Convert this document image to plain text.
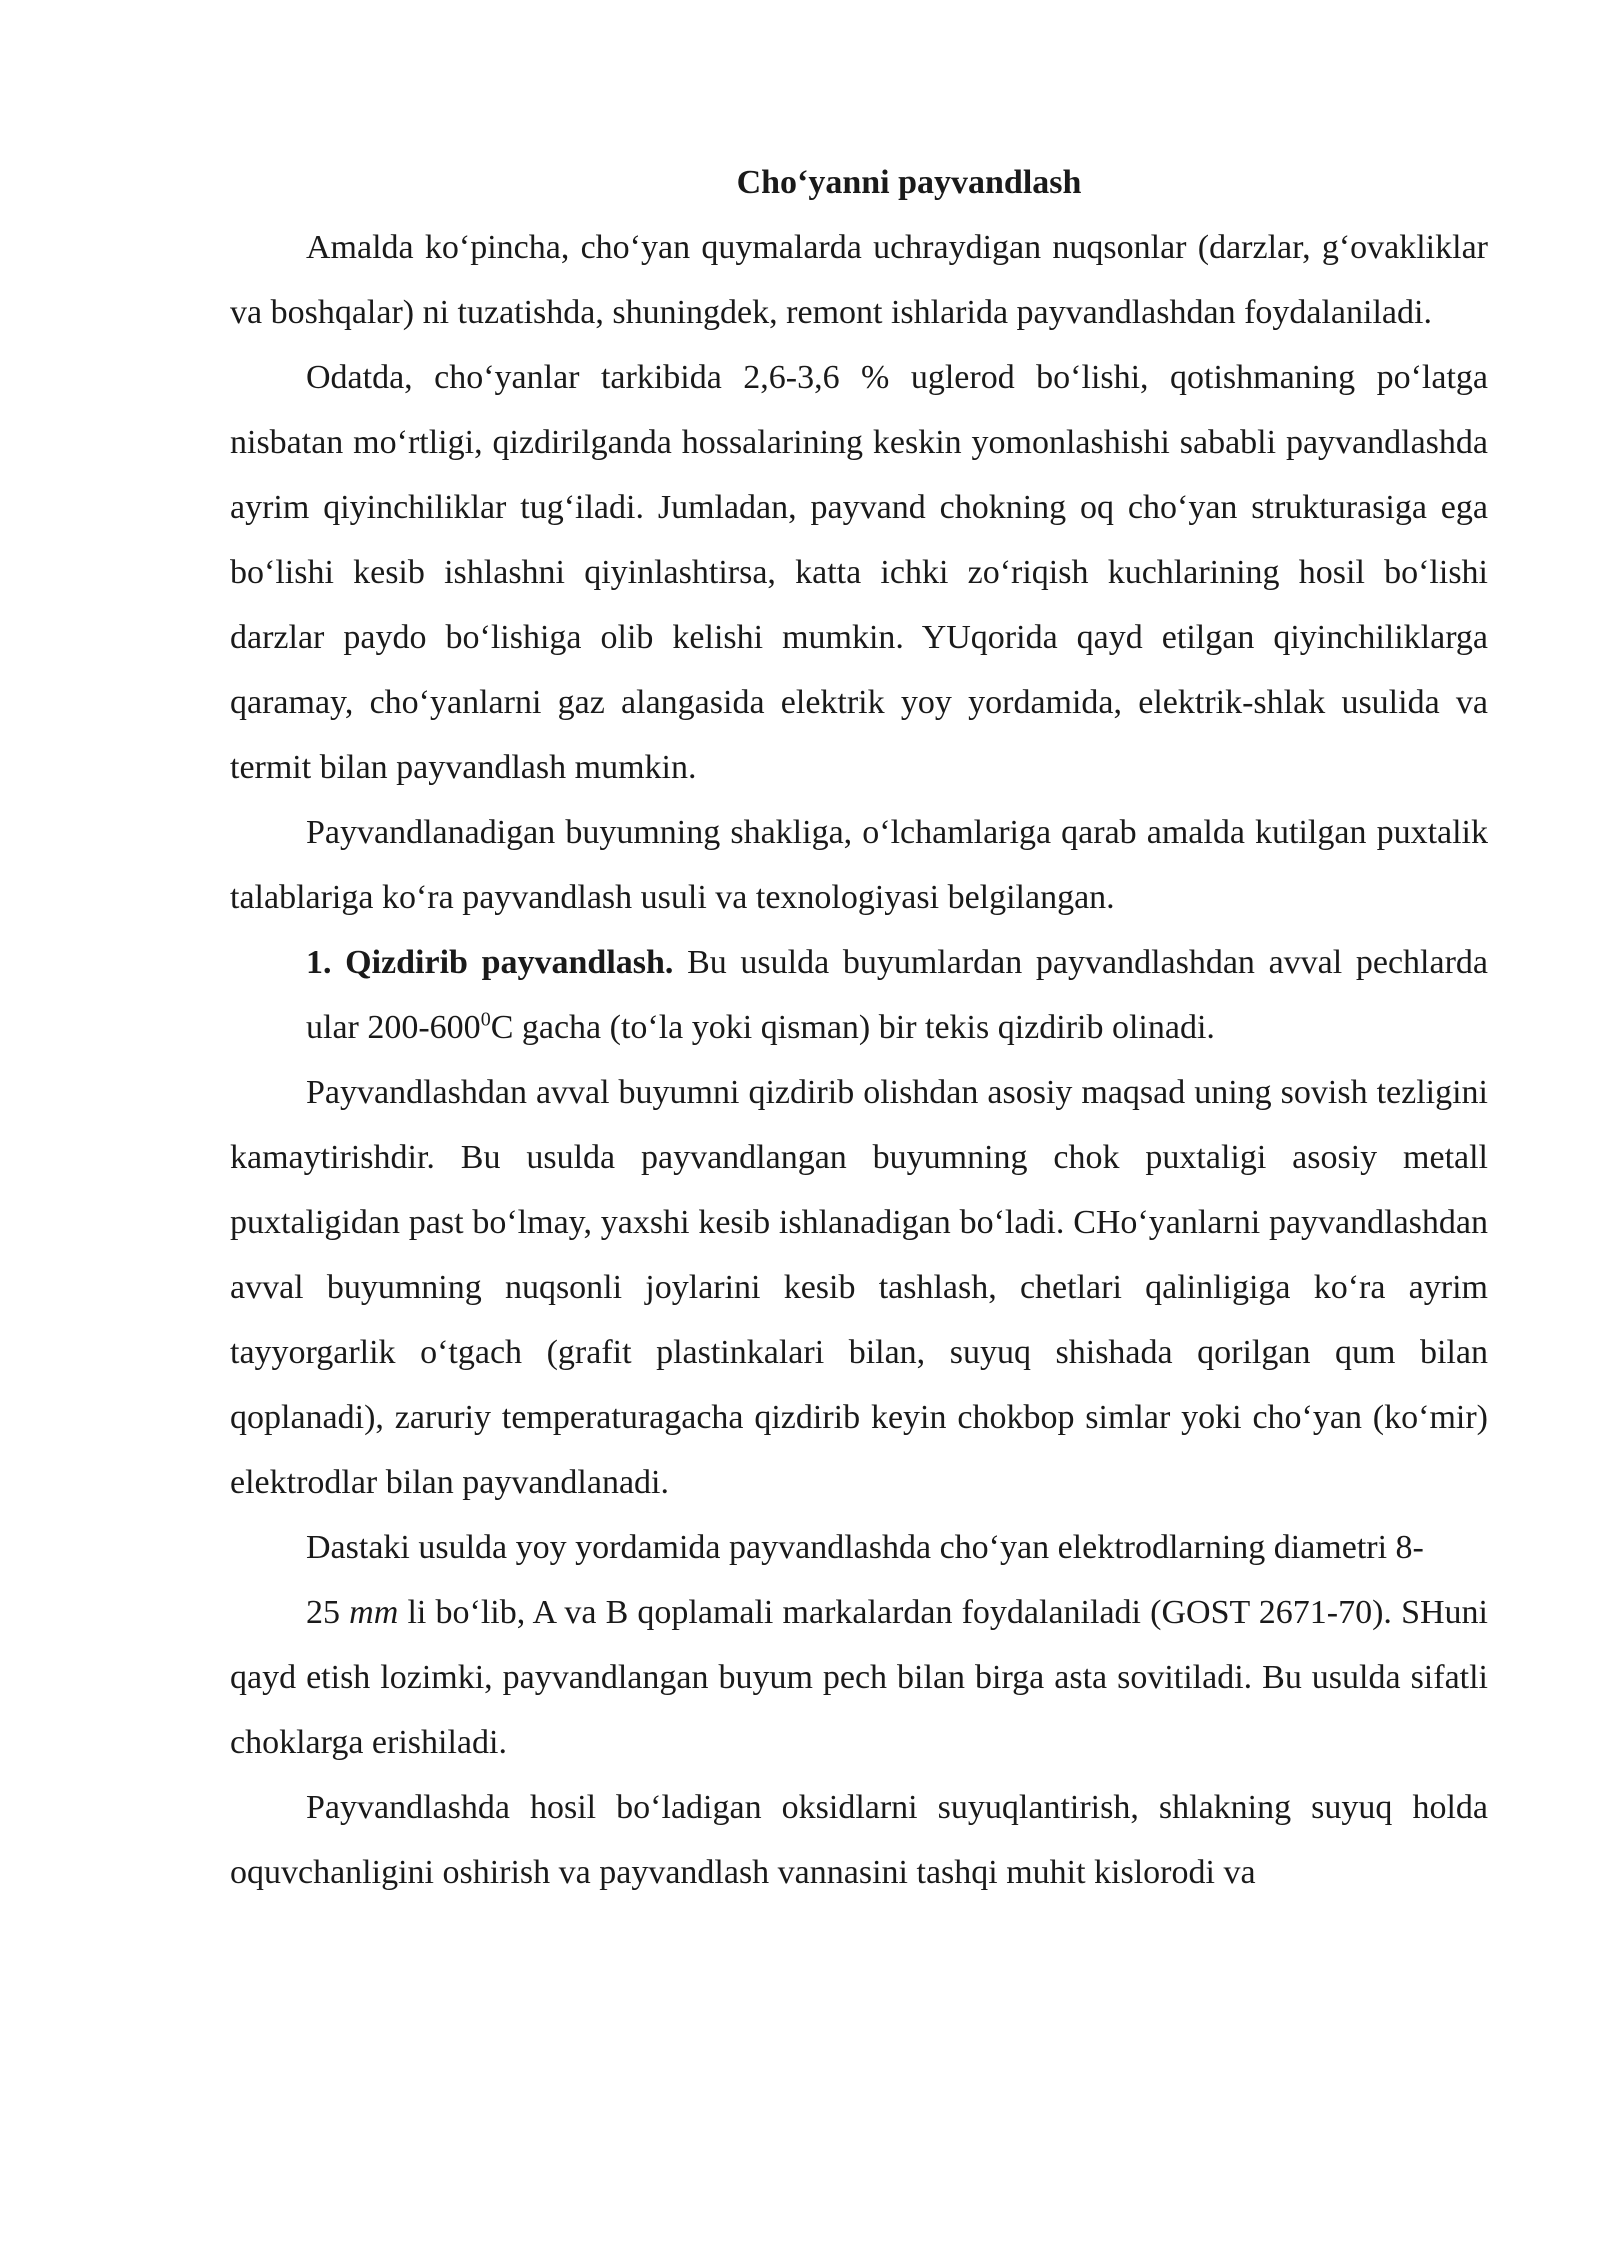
Cho‘yanni payvandlash

Amalda ko‘pincha, cho‘yan quymalarda uchraydigan nuqsonlar (darzlar, g‘ovakliklar va boshqalar) ni tuzatishda, shuningdek, remont ishlarida payvandlashdan foydalaniladi.

Odatda, cho‘yanlar tarkibida 2,6-3,6 % uglerod bo‘lishi, qotishmaning po‘latga nisbatan mo‘rtligi, qizdirilganda hossalarining keskin yomonlashishi sababli payvandlashda ayrim qiyinchiliklar tug‘iladi. Jumladan, payvand chokning oq cho‘yan strukturasiga ega bo‘lishi kesib ishlashni qiyinlashtirsa, katta ichki zo‘riqish kuchlarining hosil bo‘lishi darzlar paydo bo‘lishiga olib kelishi mumkin. YUqorida qayd etilgan qiyinchiliklarga qaramay, cho‘yanlarni gaz alangasida elektrik yoy yordamida, elektrik-shlak usulida va termit bilan payvandlash mumkin.

Payvandlanadigan buyumning shakliga, o‘lchamlariga qarab amalda kutilgan puxtalik talablariga ko‘ra payvandlash usuli va texnologiyasi belgilangan.

1. Qizdirib payvandlash. Bu usulda buyumlardan payvandlashdan avval pechlarda ular $200-600^0C$ gacha (to‘la yoki qisman) bir tekis qizdirib olinadi.

Payvandlashdan avval buyumni qizdirib olishdan asosiy maqsad uning sovish tezligini kamaytirishdir. Bu usulda payvandlangan buyumning chok puxtaligi asosiy metall puxtaligidan past bo‘lmay, yaxshi kesib ishlanadigan bo‘ladi. CHo‘yanlarni payvandlashdan avval buyumning nuqsonli joylarini kesib tashlash, chetlari qalinligiga ko‘ra ayrim tayyorgarlik o‘tgach (grafit plastinkalari bilan, suyuq shishada qorilgan qum bilan qoplanadi), zaruriy temperaturagacha qizdirib keyin chokbop simlar yoki cho‘yan (ko‘mir) elektrodlar bilan payvandlanadi.

Dastaki usulda yoy yordamida payvandlashda cho‘yan elektrodlarning diametri 8-

25 mm li bo‘lib, A va B qoplamali markalardan foydalaniladi (GOST 2671-70). SHuni qayd etish lozimki, payvandlangan buyum pech bilan birga asta sovitiladi. Bu usulda sifatli choklarga erishiladi.

Payvandlashda hosil bo‘ladigan oksidlarni suyuqlantirish, shlakning suyuq holda oquvchanligini oshirish va payvandlash vannasini tashqi muhit kislorodi va
